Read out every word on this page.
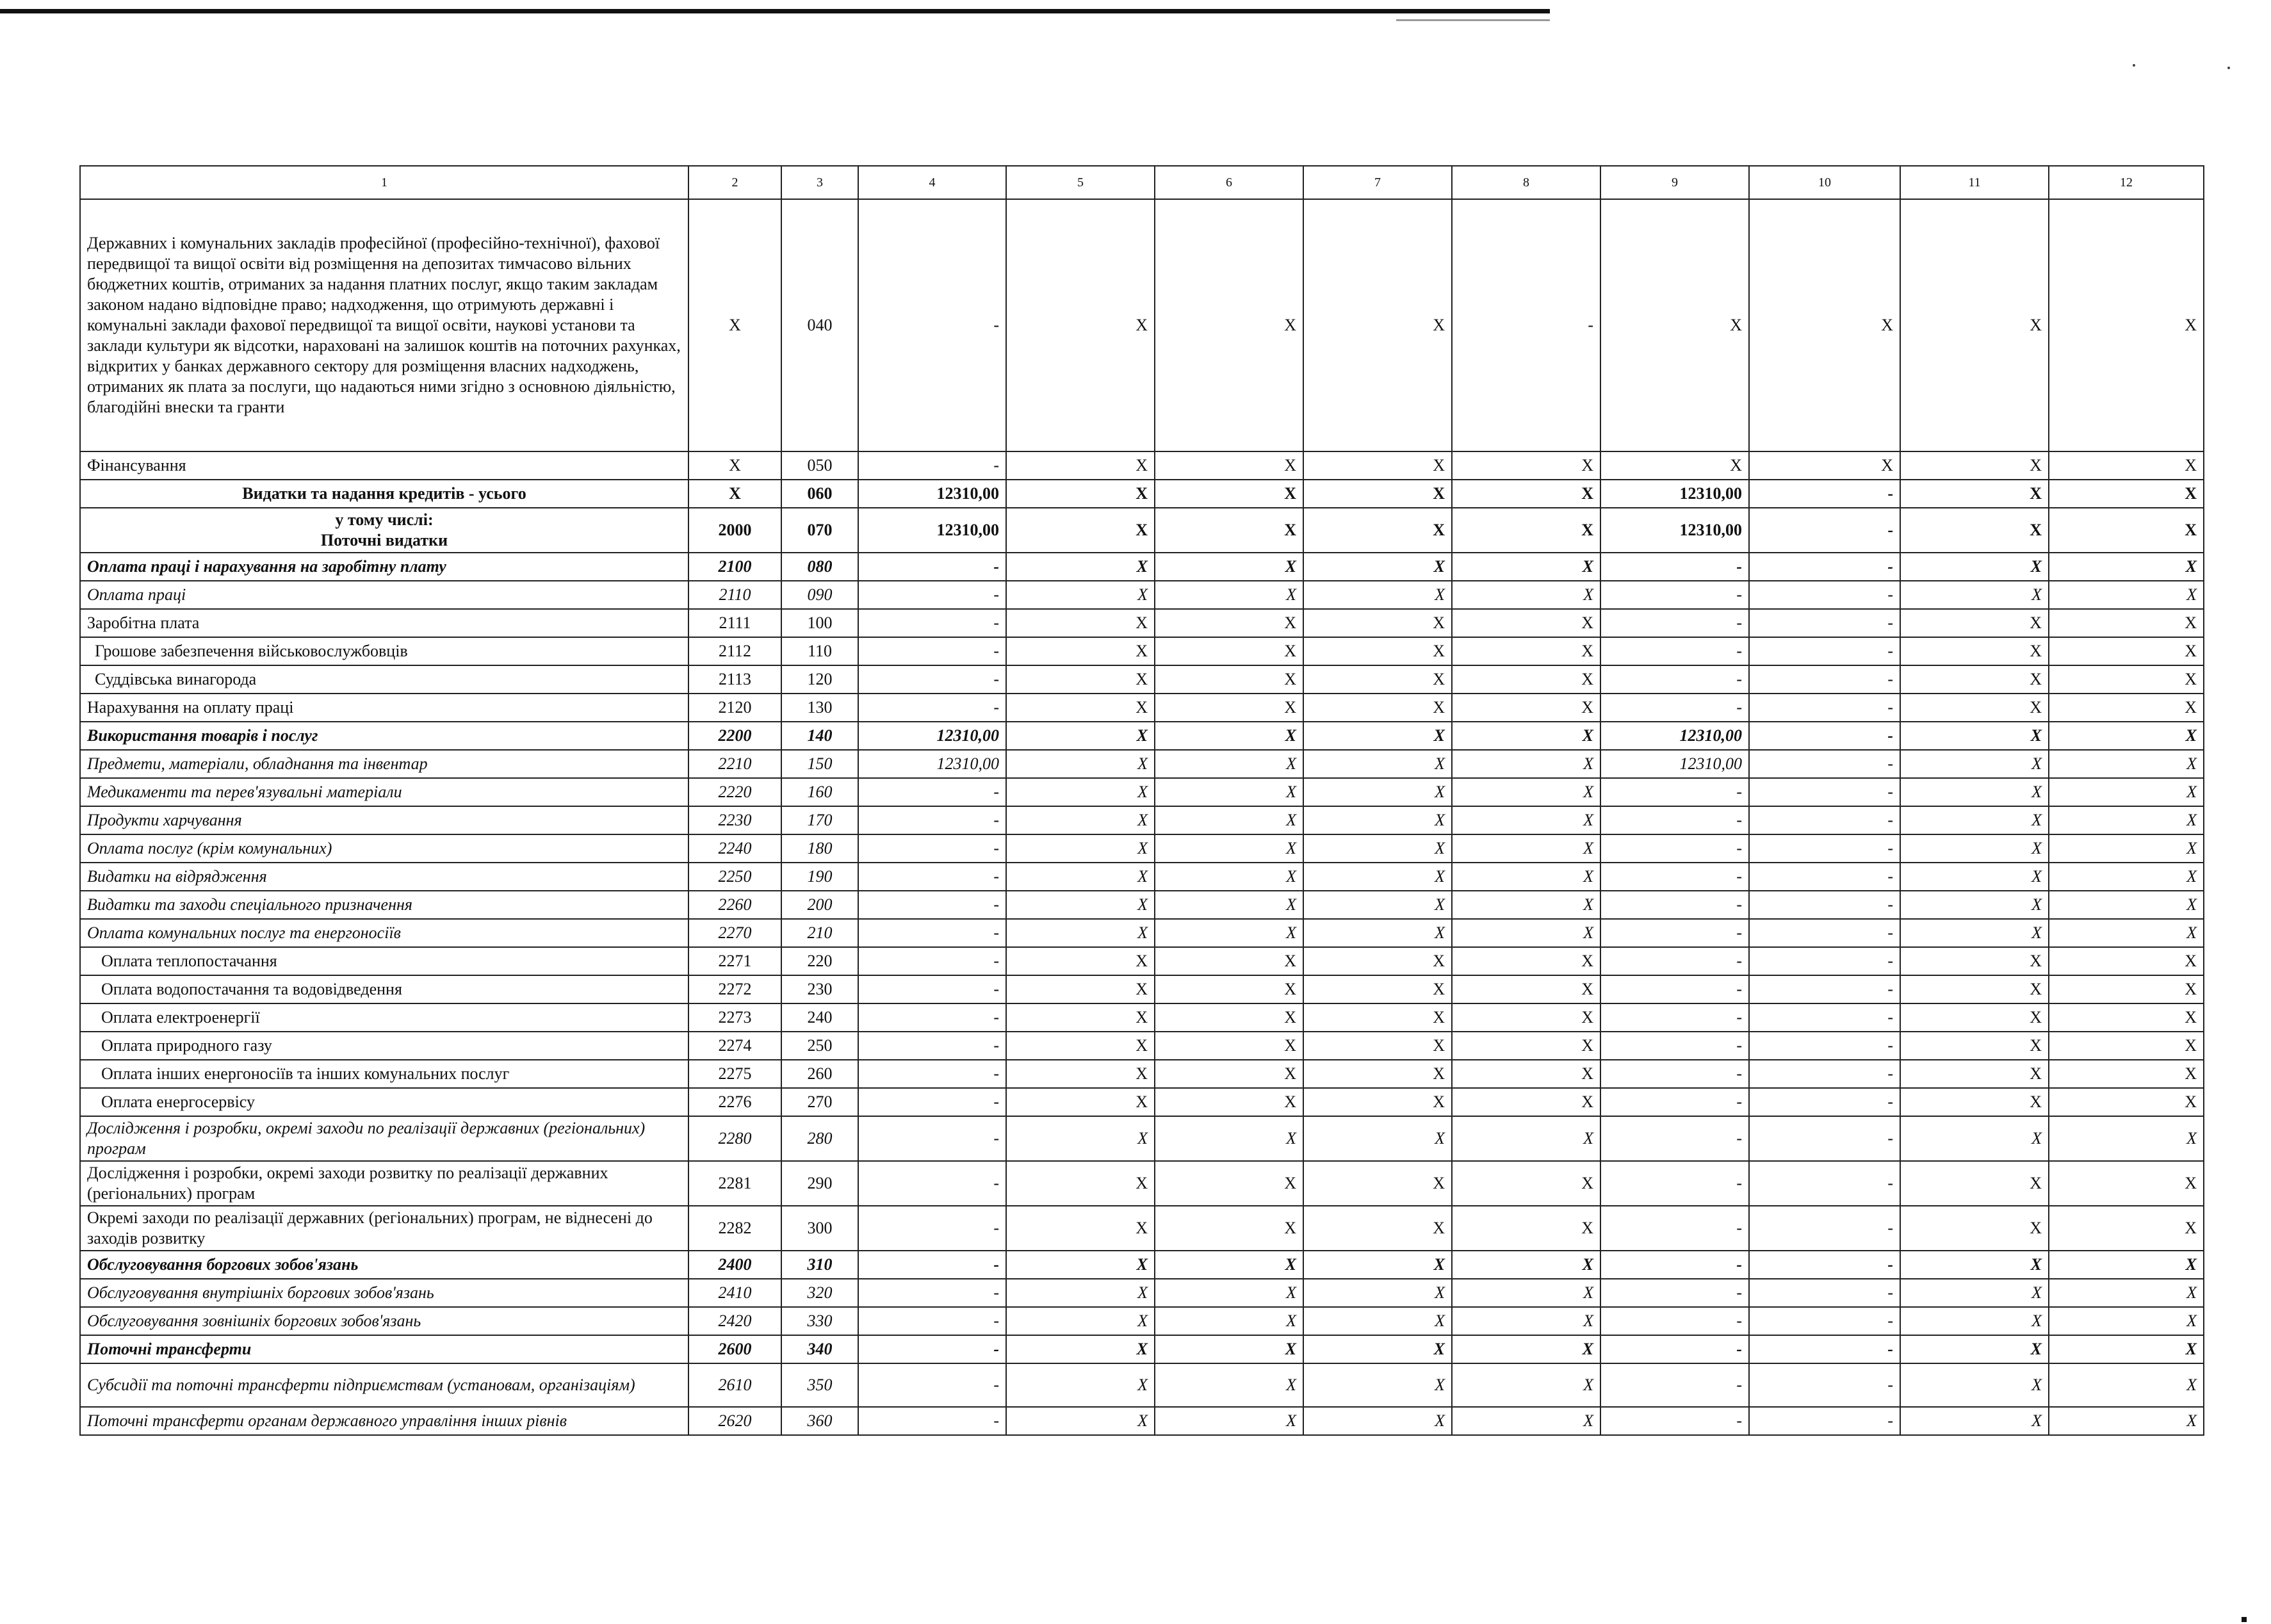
1	2	3	4	5	6	7	8	9	10	11	12

Державних і комунальних закладів професійної (професійно-технічної), фахової передвищої та вищої освіти від розміщення на депозитах тимчасово вільних бюджетних коштів, отриманих за надання платних послуг, якщо таким закладам законом надано відповідне право; надходження, що отримують державні і комунальні заклади фахової передвищої та вищої освіти, наукові установи та заклади культури як відсотки, нараховані на залишок коштів на поточних рахунках, відкритих у банках державного сектору для розміщення власних надходжень, отриманих як плата за послуги, що надаються ними згідно з основною діяльністю, благодійні внески та гранти	Х	040	-	Х	Х	Х	-	Х	Х	Х	Х

Фінансування	Х	050	-	Х	Х	Х	Х	Х	Х	Х	Х

Видатки та надання кредитів - усього	Х	060	12310,00	Х	Х	Х	Х	12310,00	-	Х	Х

у тому числі:
Поточні видатки	2000	070	12310,00	Х	Х	Х	Х	12310,00	-	Х	Х

Оплата праці і нарахування на заробітну плату	2100	080	-	Х	Х	Х	Х	-	-	Х	Х

Оплата праці	2110	090	-	Х	Х	Х	Х	-	-	Х	Х

Заробітна плата	2111	100	-	Х	Х	Х	Х	-	-	Х	Х

Грошове забезпечення військовослужбовців	2112	110	-	Х	Х	Х	Х	-	-	Х	Х

Суддівська винагорода	2113	120	-	Х	Х	Х	Х	-	-	Х	Х

Нарахування на оплату праці	2120	130	-	Х	Х	Х	Х	-	-	Х	Х

Використання товарів і послуг	2200	140	12310,00	Х	Х	Х	Х	12310,00	-	Х	Х

Предмети, матеріали, обладнання та інвентар	2210	150	12310,00	Х	Х	Х	Х	12310,00	-	Х	Х

Медикаменти та перев'язувальні матеріали	2220	160	-	Х	Х	Х	Х	-	-	Х	Х

Продукти харчування	2230	170	-	Х	Х	Х	Х	-	-	Х	Х

Оплата послуг (крім комунальних)	2240	180	-	Х	Х	Х	Х	-	-	Х	Х

Видатки на відрядження	2250	190	-	Х	Х	Х	Х	-	-	Х	Х

Видатки та заходи спеціального призначення	2260	200	-	Х	Х	Х	Х	-	-	Х	Х

Оплата комунальних послуг та енергоносіїв	2270	210	-	Х	Х	Х	Х	-	-	Х	Х

Оплата теплопостачання	2271	220	-	Х	Х	Х	Х	-	-	Х	Х

Оплата водопостачання та водовідведення	2272	230	-	Х	Х	Х	Х	-	-	Х	Х

Оплата електроенергії	2273	240	-	Х	Х	Х	Х	-	-	Х	Х

Оплата природного газу	2274	250	-	Х	Х	Х	Х	-	-	Х	Х

Оплата інших енергоносіїв та інших комунальних послуг	2275	260	-	Х	Х	Х	Х	-	-	Х	Х

Оплата енергосервісу	2276	270	-	Х	Х	Х	Х	-	-	Х	Х

Дослідження і розробки, окремі заходи по реалізації державних (регіональних) програм	2280	280	-	Х	Х	Х	Х	-	-	Х	Х

Дослідження і розробки, окремі заходи розвитку по реалізації державних (регіональних) програм	2281	290	-	Х	Х	Х	Х	-	-	Х	Х

Окремі заходи по реалізації державних (регіональних) програм, не віднесені до заходів розвитку	2282	300	-	Х	Х	Х	Х	-	-	Х	Х

Обслуговування боргових зобов'язань	2400	310	-	Х	Х	Х	Х	-	-	Х	Х

Обслуговування внутрішніх боргових зобов'язань	2410	320	-	Х	Х	Х	Х	-	-	Х	Х

Обслуговування зовнішніх боргових зобов'язань	2420	330	-	Х	Х	Х	Х	-	-	Х	Х

Поточні трансферти	2600	340	-	Х	Х	Х	Х	-	-	Х	Х

Субсидії та поточні трансферти підприємствам (установам, організаціям)	2610	350	-	Х	Х	Х	Х	-	-	Х	Х

Поточні трансферти органам державного управління інших рівнів	2620	360	-	Х	Х	Х	Х	-	-	Х	Х
